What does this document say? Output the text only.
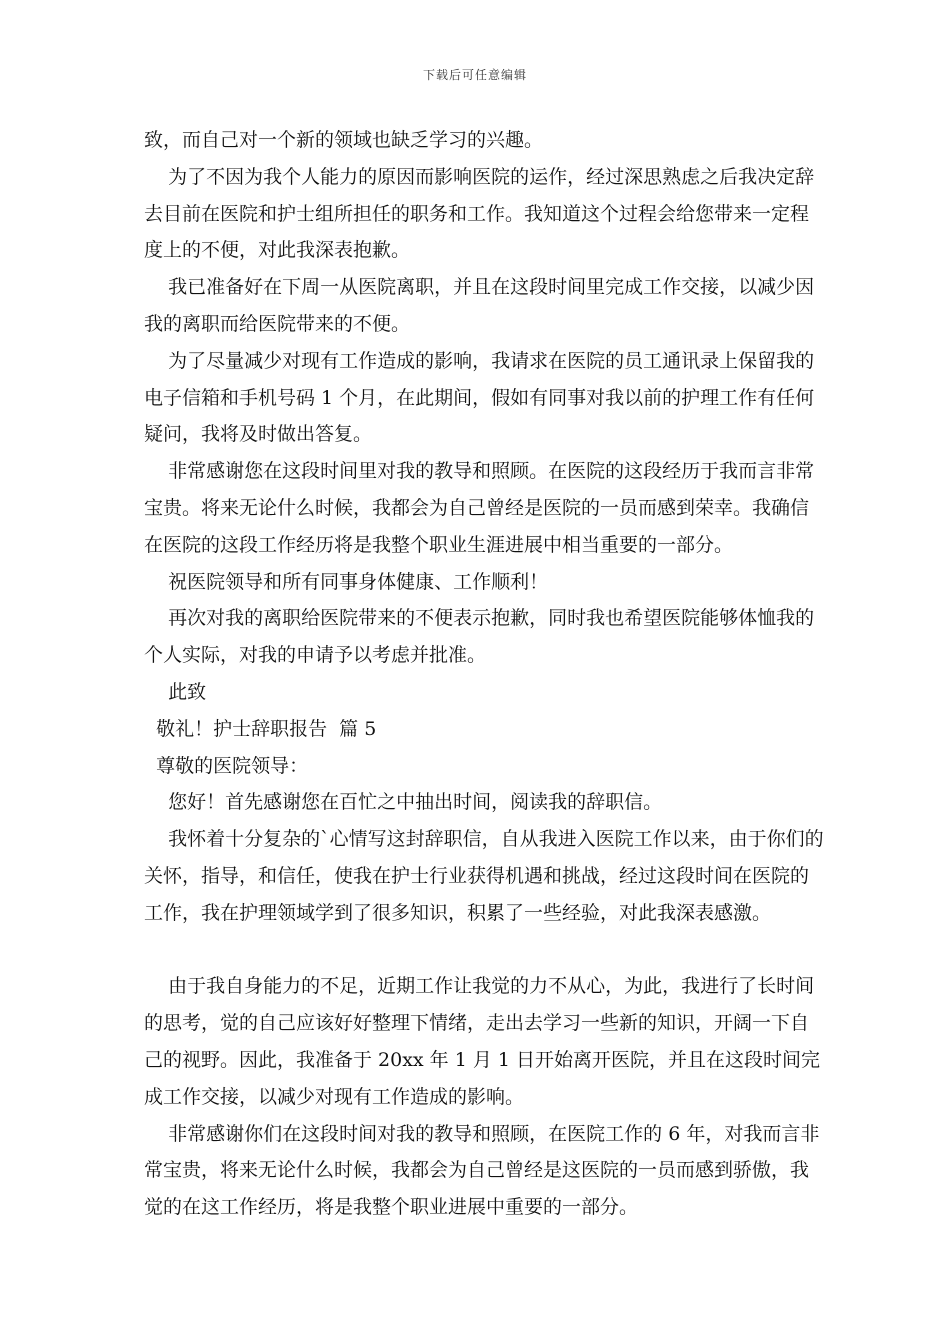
下载后可任意编辑

致，而自己对一个新的领域也缺乏学习的兴趣。

为了不因为我个人能力的原因而影响医院的运作，经过深思熟虑之后我决定辞去目前在医院和护士组所担任的职务和工作。我知道这个过程会给您带来一定程度上的不便，对此我深表抱歉。

我已准备好在下周一从医院离职，并且在这段时间里完成工作交接，以减少因我的离职而给医院带来的不便。

为了尽量减少对现有工作造成的影响，我请求在医院的员工通讯录上保留我的电子信箱和手机号码 1 个月，在此期间，假如有同事对我以前的护理工作有任何疑问，我将及时做出答复。

非常感谢您在这段时间里对我的教导和照顾。在医院的这段经历于我而言非常宝贵。将来无论什么时候，我都会为自己曾经是医院的一员而感到荣幸。我确信在医院的这段工作经历将是我整个职业生涯进展中相当重要的一部分。

祝医院领导和所有同事身体健康、工作顺利！

再次对我的离职给医院带来的不便表示抱歉，同时我也希望医院能够体恤我的个人实际，对我的申请予以考虑并批准。

此致

敬礼！护士辞职报告  篇 5

尊敬的医院领导：

您好！首先感谢您在百忙之中抽出时间，阅读我的辞职信。

我怀着十分复杂的`心情写这封辞职信，自从我进入医院工作以来，由于你们的关怀，指导，和信任，使我在护士行业获得机遇和挑战，经过这段时间在医院的工作，我在护理领域学到了很多知识，积累了一些经验，对此我深表感激。

由于我自身能力的不足，近期工作让我觉的力不从心，为此，我进行了长时间的思考，觉的自己应该好好整理下情绪，走出去学习一些新的知识，开阔一下自己的视野。因此，我准备于 20xx 年 1 月 1 日开始离开医院，并且在这段时间完成工作交接，以减少对现有工作造成的影响。

非常感谢你们在这段时间对我的教导和照顾，在医院工作的 6 年，对我而言非常宝贵，将来无论什么时候，我都会为自己曾经是这医院的一员而感到骄傲，我觉的在这工作经历，将是我整个职业进展中重要的一部分。
